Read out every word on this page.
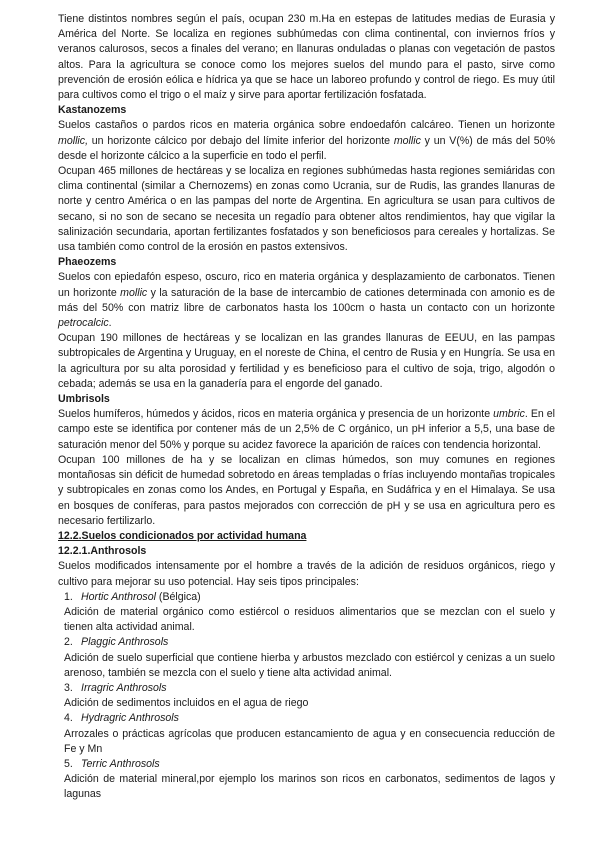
Tiene distintos nombres según el país, ocupan 230 m.Ha en estepas de latitudes medias de Eurasia y América del Norte. Se localiza en regiones subhúmedas con clima continental, con inviernos fríos y veranos calurosos, secos a finales del verano; en llanuras onduladas o planas con vegetación de pastos altos. Para la agricultura se conoce como los mejores suelos del mundo para el pasto, sirve como prevención de erosión eólica e hídrica ya que se hace un laboreo profundo y control de riego. Es muy útil para cultivos como el trigo o el maíz y sirve para aportar fertilización fosfatada.

Kastanozems

Suelos castaños o pardos ricos en materia orgánica sobre endoedafón calcáreo. Tienen un horizonte mollic, un horizonte cálcico por debajo del límite inferior del horizonte mollic y un V(%) de más del 50% desde el horizonte cálcico a la superficie en todo el perfil.

Ocupan 465 millones de hectáreas y se localiza en regiones subhúmedas hasta regiones semiáridas con clima continental (similar a Chernozems) en zonas como Ucrania, sur de Rudis, las grandes llanuras de norte y centro América o en las pampas del norte de Argentina. En agricultura se usan para cultivos de secano, si no son de secano se necesita un regadío para obtener altos rendimientos, hay que vigilar la salinización secundaria, aportan fertilizantes fosfatados y son beneficiosos para cereales y hortalizas. Se usa también como control de la erosión en pastos extensivos.

Phaeozems

Suelos con epiedafón espeso, oscuro, rico en materia orgánica y desplazamiento de carbonatos. Tienen un horizonte mollic y la saturación de la base de intercambio de cationes determinada con amonio es de más del 50% con matriz libre de carbonatos hasta los 100cm o hasta un contacto con un horizonte petrocalcic.

Ocupan 190 millones de hectáreas y se localizan en las grandes llanuras de EEUU, en las pampas subtropicales de Argentina y Uruguay, en el noreste de China, el centro de Rusia y en Hungría. Se usa en la agricultura por su alta porosidad y fertilidad y es beneficioso para el cultivo de soja, trigo, algodón o cebada; además se usa en la ganadería para el engorde del ganado.

Umbrisols

Suelos humíferos, húmedos y ácidos, ricos en materia orgánica y presencia de un horizonte umbric. En el campo este se identifica por contener más de un 2,5% de C orgánico, un pH inferior a 5,5, una base de saturación menor del 50% y porque su acidez favorece la aparición de raíces con tendencia horizontal.

Ocupan 100 millones de ha y se localizan en climas húmedos, son muy comunes en regiones montañosas sin déficit de humedad sobretodo en áreas templadas o frías incluyendo montañas tropicales y subtropicales en zonas como los Andes, en Portugal y España, en Sudáfrica y en el Himalaya. Se usa en bosques de coníferas, para pastos mejorados con corrección de pH y se usa en agricultura pero es necesario fertilizarlo.

12.2.Suelos condicionados por actividad humana
12.2.1.Anthrosols

Suelos modificados intensamente por el hombre a través de la adición de residuos orgánicos, riego y cultivo para mejorar su uso potencial. Hay seis tipos principales:

1. Hortic Anthrosol (Bélgica)
Adición de material orgánico como estiércol o residuos alimentarios que se mezclan con el suelo y tienen alta actividad animal.
2. Plaggic Anthrosols
Adición de suelo superficial que contiene hierba y arbustos mezclado con estiércol y cenizas a un suelo arenoso, también se mezcla con el suelo y tiene alta actividad animal.
3. Irragric Anthrosols
Adición de sedimentos incluidos en el agua de riego
4. Hydragric Anthrosols
Arrozales o prácticas agrícolas que producen estancamiento de agua y en consecuencia reducción de Fe y Mn
5. Terric Anthrosols
Adición de material mineral,por ejemplo los marinos son ricos en carbonatos, sedimentos de lagos y lagunas
